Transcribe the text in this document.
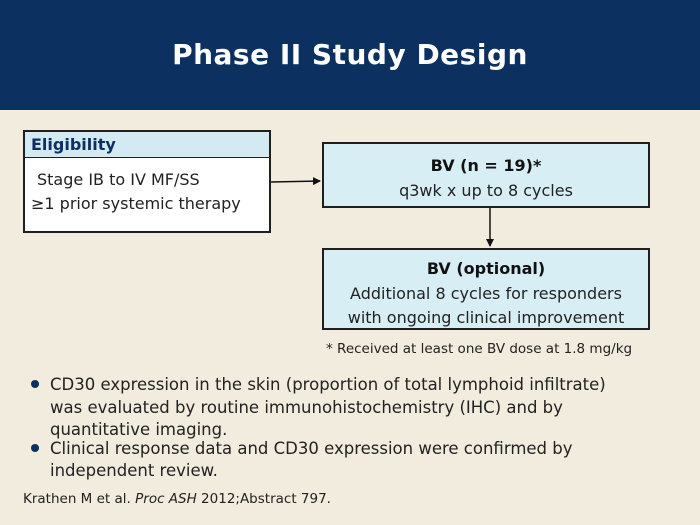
Phase II Study Design
Eligibility
Stage IB to IV MF/SS
≥1 prior systemic therapy
BV (n = 19)*
q3wk x up to 8 cycles
BV (optional)
Additional 8 cycles for responders
with ongoing clinical improvement
* Received at least one BV dose at 1.8 mg/kg
CD30 expression in the skin (proportion of total lymphoid infiltrate)
was evaluated by routine immunohistochemistry (IHC) and by
quantitative imaging.
Clinical response data and CD30 expression were confirmed by
independent review.
Krathen M et al. Proc ASH 2012;Abstract 797.
